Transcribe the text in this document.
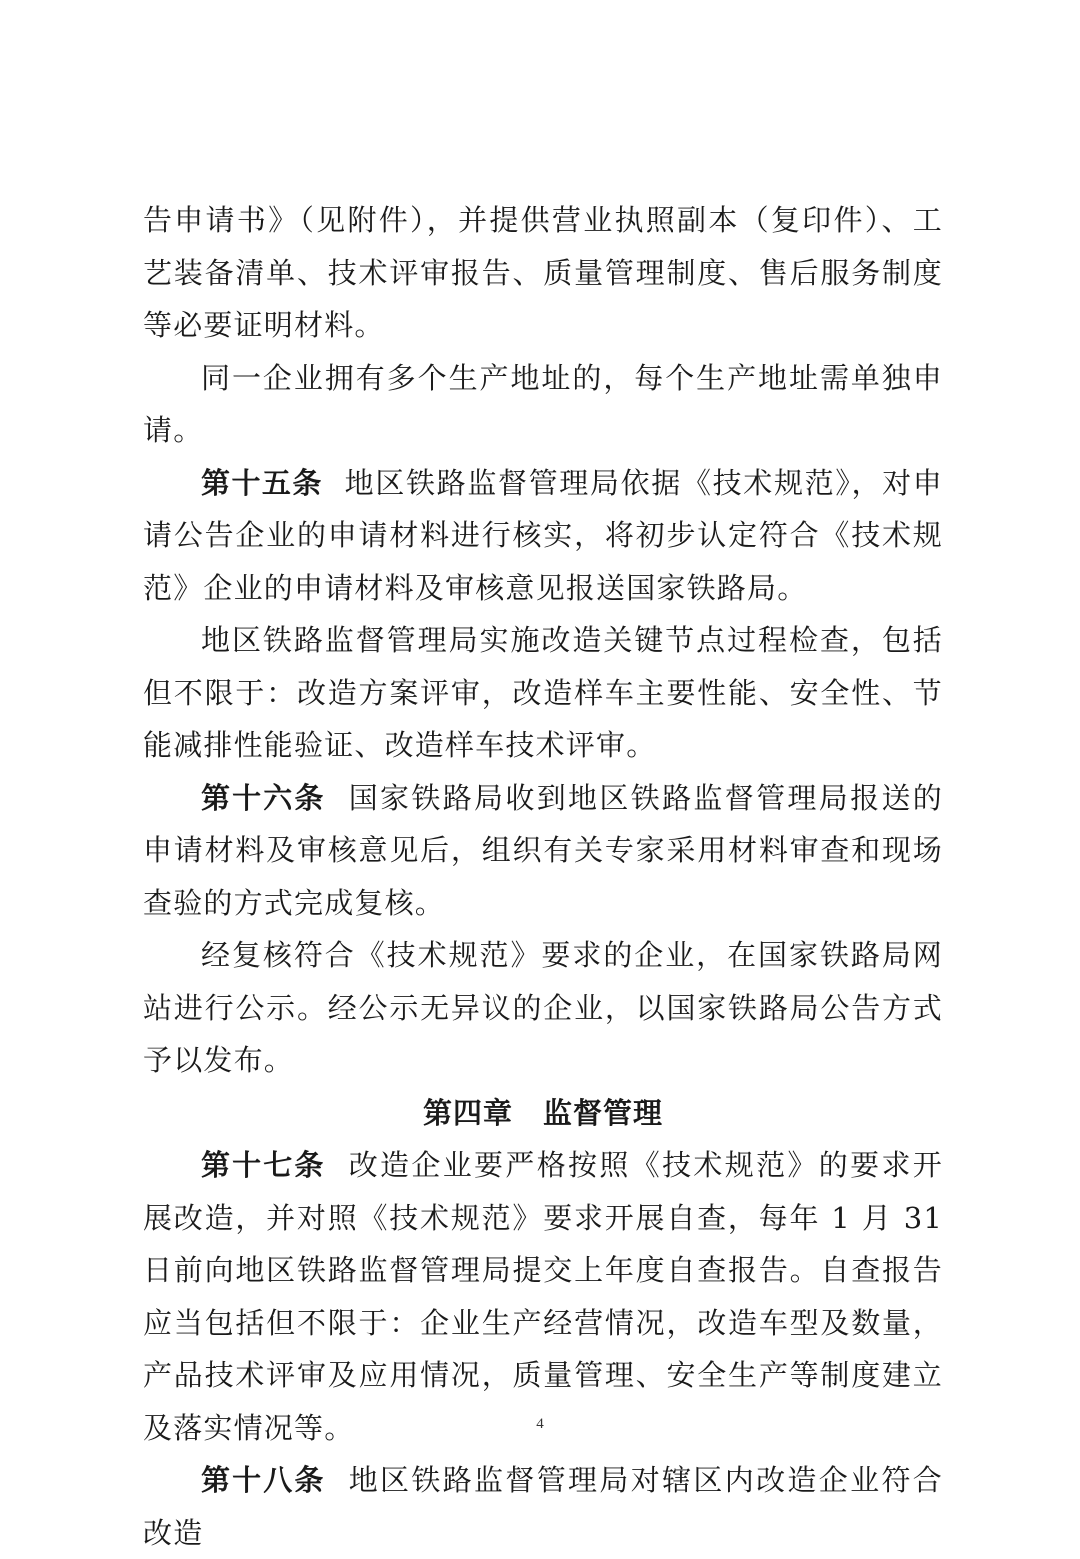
告申请书》（见附件），并提供营业执照副本（复印件）、工艺装备清单、技术评审报告、质量管理制度、售后服务制度等必要证明材料。

同一企业拥有多个生产地址的，每个生产地址需单独申请。

第十五条 地区铁路监督管理局依据《技术规范》，对申请公告企业的申请材料进行核实，将初步认定符合《技术规范》企业的申请材料及审核意见报送国家铁路局。

地区铁路监督管理局实施改造关键节点过程检查，包括但不限于：改造方案评审，改造样车主要性能、安全性、节能减排性能验证、改造样车技术评审。

第十六条 国家铁路局收到地区铁路监督管理局报送的申请材料及审核意见后，组织有关专家采用材料审查和现场查验的方式完成复核。

经复核符合《技术规范》要求的企业，在国家铁路局网站进行公示。经公示无异议的企业，以国家铁路局公告方式予以发布。

第四章 监督管理

第十七条 改造企业要严格按照《技术规范》的要求开展改造，并对照《技术规范》要求开展自查，每年 1 月 31 日前向地区铁路监督管理局提交上年度自查报告。自查报告应当包括但不限于：企业生产经营情况，改造车型及数量，产品技术评审及应用情况，质量管理、安全生产等制度建立及落实情况等。

第十八条 地区铁路监督管理局对辖区内改造企业符合改造

4
